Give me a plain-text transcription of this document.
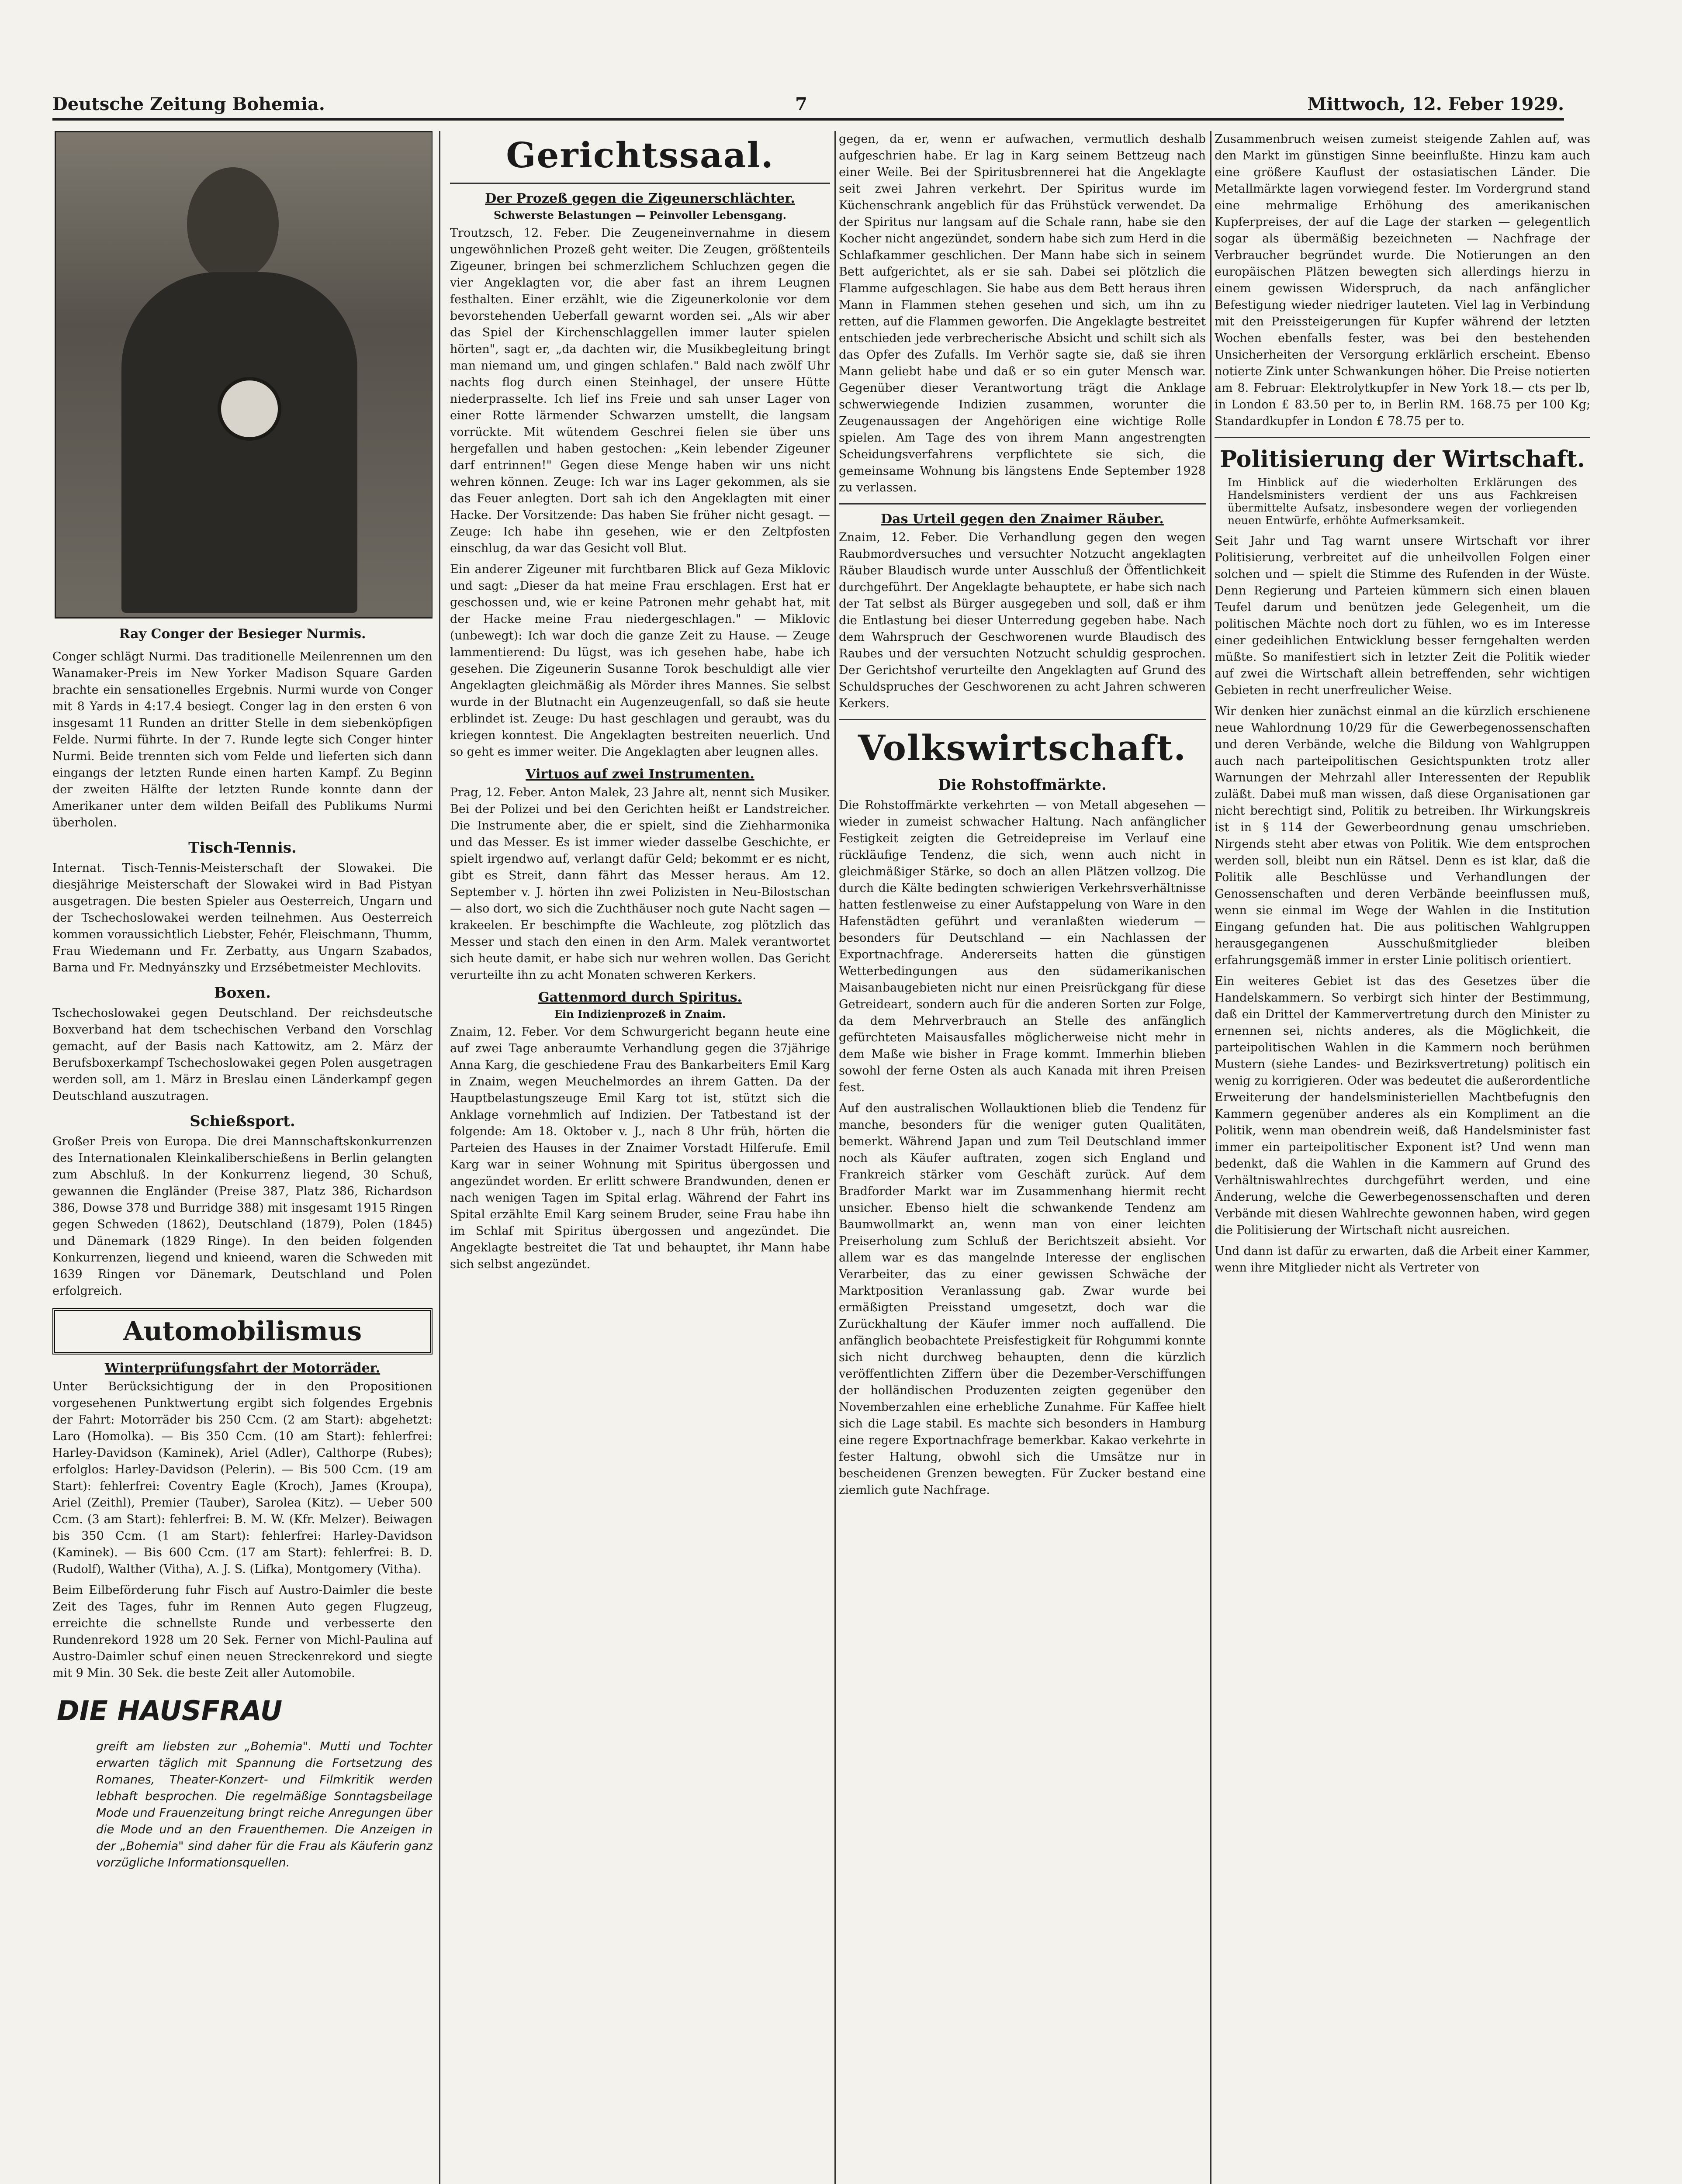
Deutsche Zeitung Bohemia.	7	Mittwoch, 12. Feber 1929.
Ray Conger der Besieger Nurmis.

Conger schlägt Nurmi. Das traditionelle Meilenrennen um den Wanamaker-Preis im New Yorker Madison Square Garden brachte ein sensationelles Ergebnis. Nurmi wurde von Conger mit 8 Yards in 4:17.4 besiegt. Conger lag in den ersten 6 von insgesamt 11 Runden an dritter Stelle in dem siebenköpfigen Felde. Nurmi führte. In der 7. Runde legte sich Conger hinter Nurmi. Beide trennten sich vom Felde und lieferten sich dann eingangs der letzten Runde einen harten Kampf. Zu Beginn der zweiten Hälfte der letzten Runde konnte dann der Amerikaner unter dem wilden Beifall des Publikums Nurmi überholen.

Tisch-Tennis.

Internat. Tisch-Tennis-Meisterschaft der Slowakei. Die diesjährige Meisterschaft der Slowakei wird in Bad Pistyan ausgetragen. Die besten Spieler aus Oesterreich, Ungarn und der Tschechoslowakei werden teilnehmen. Aus Oesterreich kommen voraussichtlich Liebster, Fehér, Fleischmann, Thumm, Frau Wiedemann und Fr. Zerbatty, aus Ungarn Szabados, Barna und Fr. Mednyánszky und Erzsébetmeister Mechlovits.

Boxen.

Tschechoslowakei gegen Deutschland. Der reichsdeutsche Boxverband hat dem tschechischen Verband den Vorschlag gemacht, auf der Basis nach Kattowitz, am 2. März der Berufsboxerkampf Tschechoslowakei gegen Polen ausgetragen werden soll, am 1. März in Breslau einen Länderkampf gegen Deutschland auszutragen.

Schießsport.

Großer Preis von Europa. Die drei Mannschaftskonkurrenzen des Internationalen Kleinkaliberschießens in Berlin gelangten zum Abschluß. In der Konkurrenz liegend, 30 Schuß, gewannen die Engländer (Preise 387, Platz 386, Richardson 386, Dowse 378 und Burridge 388) mit insgesamt 1915 Ringen gegen Schweden (1862), Deutschland (1879), Polen (1845) und Dänemark (1829 Ringe). In den beiden folgenden Konkurrenzen, liegend und knieend, waren die Schweden mit 1639 Ringen vor Dänemark, Deutschland und Polen erfolgreich.

Automobilismus
Winterprüfungsfahrt der Motorräder.

Unter Berücksichtigung der in den Propositionen vorgesehenen Punktwertung ergibt sich folgendes Ergebnis der Fahrt: Motorräder bis 250 Ccm. (2 am Start): abgehetzt: Laro (Homolka). — Bis 350 Ccm. (10 am Start): fehlerfrei: Harley-Davidson (Kaminek), Ariel (Adler), Calthorpe (Rubes); erfolglos: Harley-Davidson (Pelerin). — Bis 500 Ccm. (19 am Start): fehlerfrei: Coventry Eagle (Kroch), James (Kroupa), Ariel (Zeithl), Premier (Tauber), Sarolea (Kitz). — Ueber 500 Ccm. (3 am Start): fehlerfrei: B. M. W. (Kfr. Melzer). Beiwagen bis 350 Ccm. (1 am Start): fehlerfrei: Harley-Davidson (Kaminek). — Bis 600 Ccm. (17 am Start): fehlerfrei: B. D. (Rudolf), Walther (Vitha), A. J. S. (Lifka), Montgomery (Vitha).

Beim Eilbeförderung fuhr Fisch auf Austro-Daimler die beste Zeit des Tages, fuhr im Rennen Auto gegen Flugzeug, erreichte die schnellste Runde und verbesserte den Rundenrekord 1928 um 20 Sek. Ferner von Michl-Paulina auf Austro-Daimler schuf einen neuen Streckenrekord und siegte mit 9 Min. 30 Sek. die beste Zeit aller Automobile.

DIE HAUSFRAU

greift am liebsten zur „Bohemia". Mutti und Tochter erwarten täglich mit Spannung die Fortsetzung des Romanes, Theater-Konzert- und Filmkritik werden lebhaft besprochen. Die regelmäßige Sonntagsbeilage Mode und Frauenzeitung bringt reiche Anregungen über die Mode und an den Frauenthemen. Die Anzeigen in der „Bohemia" sind daher für die Frau als Käuferin ganz vorzügliche Informationsquellen.

Gerichtssaal.
Der Prozeß gegen die Zigeunerschlächter.
Schwerste Belastungen — Peinvoller Lebensgang.

Troutzsch, 12. Feber. Die Zeugeneinvernahme in diesem ungewöhnlichen Prozeß geht weiter. Die Zeugen, größtenteils Zigeuner, bringen bei schmerzlichem Schluchzen gegen die vier Angeklagten vor, die aber fast an ihrem Leugnen festhalten. Einer erzählt, wie die Zigeunerkolonie vor dem bevorstehenden Ueberfall gewarnt worden sei. „Als wir aber das Spiel der Kirchenschlaggellen immer lauter spielen hörten", sagt er, „da dachten wir, die Musikbegleitung bringt man niemand um, und gingen schlafen." Bald nach zwölf Uhr nachts flog durch einen Steinhagel, der unsere Hütte niederprasselte. Ich lief ins Freie und sah unser Lager von einer Rotte lärmender Schwarzen umstellt, die langsam vorrückte. Mit wütendem Geschrei fielen sie über uns hergefallen und haben gestochen: „Kein lebender Zigeuner darf entrinnen!" Gegen diese Menge haben wir uns nicht wehren können. Zeuge: Ich war ins Lager gekommen, als sie das Feuer anlegten. Dort sah ich den Angeklagten mit einer Hacke. Der Vorsitzende: Das haben Sie früher nicht gesagt. — Zeuge: Ich habe ihn gesehen, wie er den Zeltpfosten einschlug, da war das Gesicht voll Blut.

Ein anderer Zigeuner mit furchtbaren Blick auf Geza Miklovic und sagt: „Dieser da hat meine Frau erschlagen. Erst hat er geschossen und, wie er keine Patronen mehr gehabt hat, mit der Hacke meine Frau niedergeschlagen." — Miklovic (unbewegt): Ich war doch die ganze Zeit zu Hause. — Zeuge lammentierend: Du lügst, was ich gesehen habe, habe ich gesehen. Die Zigeunerin Susanne Torok beschuldigt alle vier Angeklagten gleichmäßig als Mörder ihres Mannes. Sie selbst wurde in der Blutnacht ein Augenzeugenfall, so daß sie heute erblindet ist. Zeuge: Du hast geschlagen und geraubt, was du kriegen konntest. Die Angeklagten bestreiten neuerlich. Und so geht es immer weiter. Die Angeklagten aber leugnen alles.

Virtuos auf zwei Instrumenten.

Prag, 12. Feber. Anton Malek, 23 Jahre alt, nennt sich Musiker. Bei der Polizei und bei den Gerichten heißt er Landstreicher. Die Instrumente aber, die er spielt, sind die Ziehharmonika und das Messer. Es ist immer wieder dasselbe Geschichte, er spielt irgendwo auf, verlangt dafür Geld; bekommt er es nicht, gibt es Streit, dann fährt das Messer heraus. Am 12. September v. J. hörten ihn zwei Polizisten in Neu-Bilostschan — also dort, wo sich die Zuchthäuser noch gute Nacht sagen — krakeelen. Er beschimpfte die Wachleute, zog plötzlich das Messer und stach den einen in den Arm. Malek verantwortet sich heute damit, er habe sich nur wehren wollen. Das Gericht verurteilte ihn zu acht Monaten schweren Kerkers.

Gattenmord durch Spiritus.
Ein Indizienprozeß in Znaim.

Znaim, 12. Feber. Vor dem Schwurgericht begann heute eine auf zwei Tage anberaumte Verhandlung gegen die 37jährige Anna Karg, die geschiedene Frau des Bankarbeiters Emil Karg in Znaim, wegen Meuchelmordes an ihrem Gatten. Da der Hauptbelastungszeuge Emil Karg tot ist, stützt sich die Anklage vornehmlich auf Indizien. Der Tatbestand ist der folgende: Am 18. Oktober v. J., nach 8 Uhr früh, hörten die Parteien des Hauses in der Znaimer Vorstadt Hilferufe. Emil Karg war in seiner Wohnung mit Spiritus übergossen und angezündet worden. Er erlitt schwere Brandwunden, denen er nach wenigen Tagen im Spital erlag. Während der Fahrt ins Spital erzählte Emil Karg seinem Bruder, seine Frau habe ihn im Schlaf mit Spiritus übergossen und angezündet. Die Angeklagte bestreitet die Tat und behauptet, ihr Mann habe sich selbst angezündet.

gegen, da er, wenn er aufwachen, vermutlich deshalb aufgeschrien habe. Er lag in Karg seinem Bettzeug nach einer Weile. Bei der Spiritusbrennerei hat die Angeklagte seit zwei Jahren verkehrt. Der Spiritus wurde im Küchenschrank angeblich für das Frühstück verwendet. Da der Spiritus nur langsam auf die Schale rann, habe sie den Kocher nicht angezündet, sondern habe sich zum Herd in die Schlafkammer geschlichen. Der Mann habe sich in seinem Bett aufgerichtet, als er sie sah. Dabei sei plötzlich die Flamme aufgeschlagen. Sie habe aus dem Bett heraus ihren Mann in Flammen stehen gesehen und sich, um ihn zu retten, auf die Flammen geworfen. Die Angeklagte bestreitet entschieden jede verbrecherische Absicht und schilt sich als das Opfer des Zufalls. Im Verhör sagte sie, daß sie ihren Mann geliebt habe und daß er so ein guter Mensch war. Gegenüber dieser Verantwortung trägt die Anklage schwerwiegende Indizien zusammen, worunter die Zeugenaussagen der Angehörigen eine wichtige Rolle spielen. Am Tage des von ihrem Mann angestrengten Scheidungsverfahrens verpflichtete sie sich, die gemeinsame Wohnung bis längstens Ende September 1928 zu verlassen.

Das Urteil gegen den Znaimer Räuber.

Znaim, 12. Feber. Die Verhandlung gegen den wegen Raubmordversuches und versuchter Notzucht angeklagten Räuber Blaudisch wurde unter Ausschluß der Öffentlichkeit durchgeführt. Der Angeklagte behauptete, er habe sich nach der Tat selbst als Bürger ausgegeben und soll, daß er ihm die Entlastung bei dieser Unterredung gegeben habe. Nach dem Wahrspruch der Geschworenen wurde Blaudisch des Raubes und der versuchten Notzucht schuldig gesprochen. Der Gerichtshof verurteilte den Angeklagten auf Grund des Schuldspruches der Geschworenen zu acht Jahren schweren Kerkers.

Volkswirtschaft.
Die Rohstoffmärkte.

Die Rohstoffmärkte verkehrten — von Metall abgesehen — wieder in zumeist schwacher Haltung. Nach anfänglicher Festigkeit zeigten die Getreidepreise im Verlauf eine rückläufige Tendenz, die sich, wenn auch nicht in gleichmäßiger Stärke, so doch an allen Plätzen vollzog. Die durch die Kälte bedingten schwierigen Verkehrsverhältnisse hatten festlenweise zu einer Aufstappelung von Ware in den Hafenstädten geführt und veranlaßten wiederum — besonders für Deutschland — ein Nachlassen der Exportnachfrage. Andererseits hatten die günstigen Wetterbedingungen aus den südamerikanischen Maisanbaugebieten nicht nur einen Preisrückgang für diese Getreideart, sondern auch für die anderen Sorten zur Folge, da dem Mehrverbrauch an Stelle des anfänglich gefürchteten Maisausfalles möglicherweise nicht mehr in dem Maße wie bisher in Frage kommt. Immerhin blieben sowohl der ferne Osten als auch Kanada mit ihren Preisen fest.

Auf den australischen Wollauktionen blieb die Tendenz für manche, besonders für die weniger guten Qualitäten, bemerkt. Während Japan und zum Teil Deutschland immer noch als Käufer auftraten, zogen sich England und Frankreich stärker vom Geschäft zurück. Auf dem Bradforder Markt war im Zusammenhang hiermit recht unsicher. Ebenso hielt die schwankende Tendenz am Baumwollmarkt an, wenn man von einer leichten Preiserholung zum Schluß der Berichtszeit absieht. Vor allem war es das mangelnde Interesse der englischen Verarbeiter, das zu einer gewissen Schwäche der Marktposition Veranlassung gab. Zwar wurde bei ermäßigten Preisstand umgesetzt, doch war die Zurückhaltung der Käufer immer noch auffallend. Die anfänglich beobachtete Preisfestigkeit für Rohgummi konnte sich nicht durchweg behaupten, denn die kürzlich veröffentlichten Ziffern über die Dezember-Verschiffungen der holländischen Produzenten zeigten gegenüber den Novemberzahlen eine erhebliche Zunahme. Für Kaffee hielt sich die Lage stabil. Es machte sich besonders in Hamburg eine regere Exportnachfrage bemerkbar. Kakao verkehrte in fester Haltung, obwohl sich die Umsätze nur in bescheidenen Grenzen bewegten. Für Zucker bestand eine ziemlich gute Nachfrage.

Zusammenbruch weisen zumeist steigende Zahlen auf, was den Markt im günstigen Sinne beeinflußte. Hinzu kam auch eine größere Kauflust der ostasiatischen Länder. Die Metallmärkte lagen vorwiegend fester. Im Vordergrund stand eine mehrmalige Erhöhung des amerikanischen Kupferpreises, der auf die Lage der starken — gelegentlich sogar als übermäßig bezeichneten — Nachfrage der Verbraucher begründet wurde. Die Notierungen an den europäischen Plätzen bewegten sich allerdings hierzu in einem gewissen Widerspruch, da nach anfänglicher Befestigung wieder niedriger lauteten. Viel lag in Verbindung mit den Preissteigerungen für Kupfer während der letzten Wochen ebenfalls fester, was bei den bestehenden Unsicherheiten der Versorgung erklärlich erscheint. Ebenso notierte Zink unter Schwankungen höher. Die Preise notierten am 8. Februar: Elektrolytkupfer in New York 18.— cts per lb, in London £ 83.50 per to, in Berlin RM. 168.75 per 100 Kg; Standardkupfer in London £ 78.75 per to.

Politisierung der Wirtschaft.
Im Hinblick auf die wiederholten Erklärungen des Handelsministers verdient der uns aus Fachkreisen übermittelte Aufsatz, insbesondere wegen der vorliegenden neuen Entwürfe, erhöhte Aufmerksamkeit.

Seit Jahr und Tag warnt unsere Wirtschaft vor ihrer Politisierung, verbreitet auf die unheilvollen Folgen einer solchen und — spielt die Stimme des Rufenden in der Wüste. Denn Regierung und Parteien kümmern sich einen blauen Teufel darum und benützen jede Gelegenheit, um die politischen Mächte noch dort zu fühlen, wo es im Interesse einer gedeihlichen Entwicklung besser ferngehalten werden müßte. So manifestiert sich in letzter Zeit die Politik wieder auf zwei die Wirtschaft allein betreffenden, sehr wichtigen Gebieten in recht unerfreulicher Weise.

Wir denken hier zunächst einmal an die kürzlich erschienene neue Wahlordnung 10/29 für die Gewerbegenossenschaften und deren Verbände, welche die Bildung von Wahlgruppen auch nach parteipolitischen Gesichtspunkten trotz aller Warnungen der Mehrzahl aller Interessenten der Republik zuläßt. Dabei muß man wissen, daß diese Organisationen gar nicht berechtigt sind, Politik zu betreiben. Ihr Wirkungskreis ist in § 114 der Gewerbeordnung genau umschrieben. Nirgends steht aber etwas von Politik. Wie dem entsprochen werden soll, bleibt nun ein Rätsel. Denn es ist klar, daß die Politik alle Beschlüsse und Verhandlungen der Genossenschaften und deren Verbände beeinflussen muß, wenn sie einmal im Wege der Wahlen in die Institution Eingang gefunden hat. Die aus politischen Wahlgruppen herausgegangenen Ausschußmitglieder bleiben erfahrungsgemäß immer in erster Linie politisch orientiert.

Ein weiteres Gebiet ist das des Gesetzes über die Handelskammern. So verbirgt sich hinter der Bestimmung, daß ein Drittel der Kammervertretung durch den Minister zu ernennen sei, nichts anderes, als die Möglichkeit, die parteipolitischen Wahlen in die Kammern noch berühmen Mustern (siehe Landes- und Bezirksvertretung) politisch ein wenig zu korrigieren. Oder was bedeutet die außerordentliche Erweiterung der handelsministeriellen Machtbefugnis den Kammern gegenüber anderes als ein Kompliment an die Politik, wenn man obendrein weiß, daß Handelsminister fast immer ein parteipolitischer Exponent ist? Und wenn man bedenkt, daß die Wahlen in die Kammern auf Grund des Verhältniswahlrechtes durchgeführt werden, und eine Änderung, welche die Gewerbegenossenschaften und deren Verbände mit diesen Wahlrechte gewonnen haben, wird gegen die Politisierung der Wirtschaft nicht ausreichen.

Und dann ist dafür zu erwarten, daß die Arbeit einer Kammer, wenn ihre Mitglieder nicht als Vertreter von
